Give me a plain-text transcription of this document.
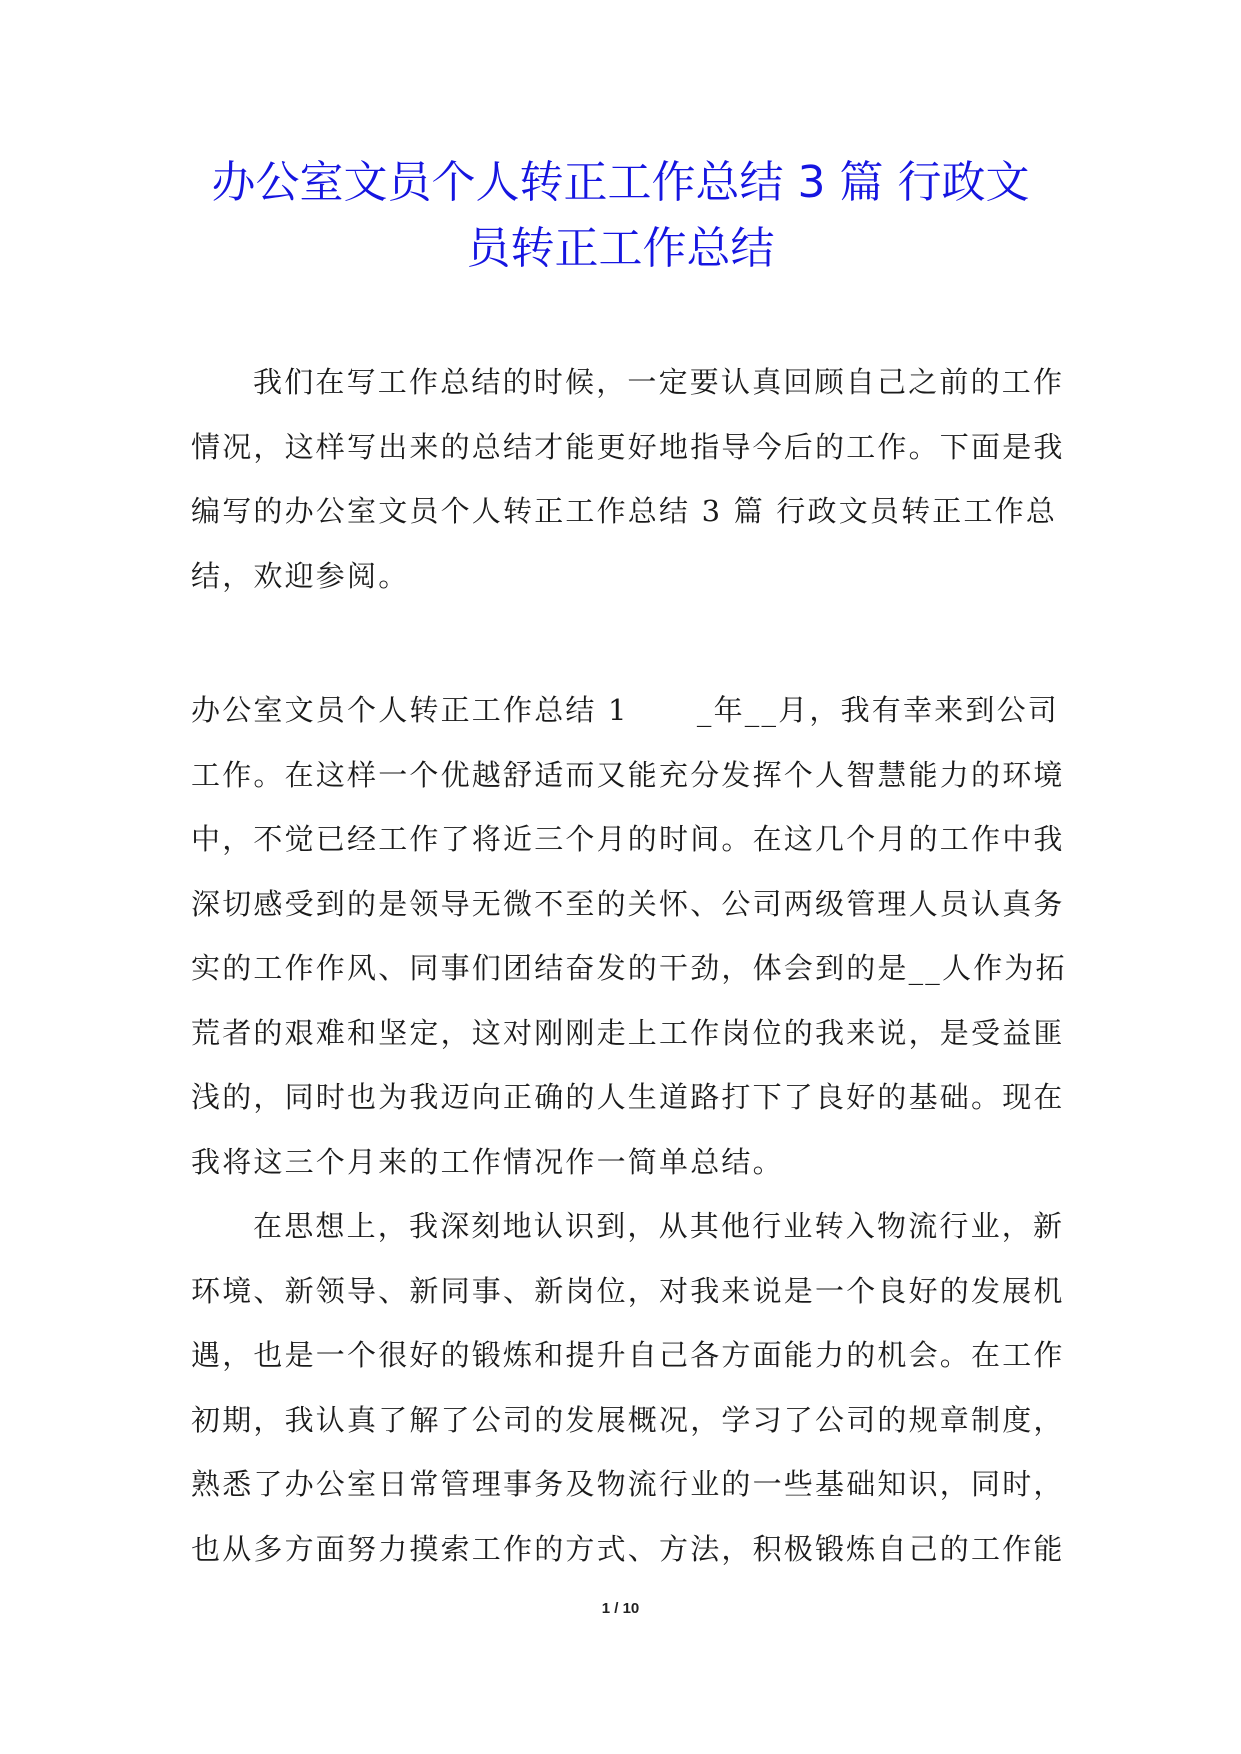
办公室文员个人转正工作总结 3 篇 行政文
员转正工作总结
我们在写工作总结的时候，一定要认真回顾自己之前的工作
情况，这样写出来的总结才能更好地指导今后的工作。下面是我
编写的办公室文员个人转正工作总结 3 篇 行政文员转正工作总
结，欢迎参阅。
办公室文员个人转正工作总结 1 _年__月，我有幸来到公司
工作。在这样一个优越舒适而又能充分发挥个人智慧能力的环境
中，不觉已经工作了将近三个月的时间。在这几个月的工作中我
深切感受到的是领导无微不至的关怀、公司两级管理人员认真务
实的工作作风、同事们团结奋发的干劲，体会到的是__人作为拓
荒者的艰难和坚定，这对刚刚走上工作岗位的我来说，是受益匪
浅的，同时也为我迈向正确的人生道路打下了良好的基础。现在
我将这三个月来的工作情况作一简单总结。
在思想上，我深刻地认识到，从其他行业转入物流行业，新
环境、新领导、新同事、新岗位，对我来说是一个良好的发展机
遇，也是一个很好的锻炼和提升自己各方面能力的机会。在工作
初期，我认真了解了公司的发展概况，学习了公司的规章制度，
熟悉了办公室日常管理事务及物流行业的一些基础知识，同时，
也从多方面努力摸索工作的方式、方法，积极锻炼自己的工作能
1 / 10
